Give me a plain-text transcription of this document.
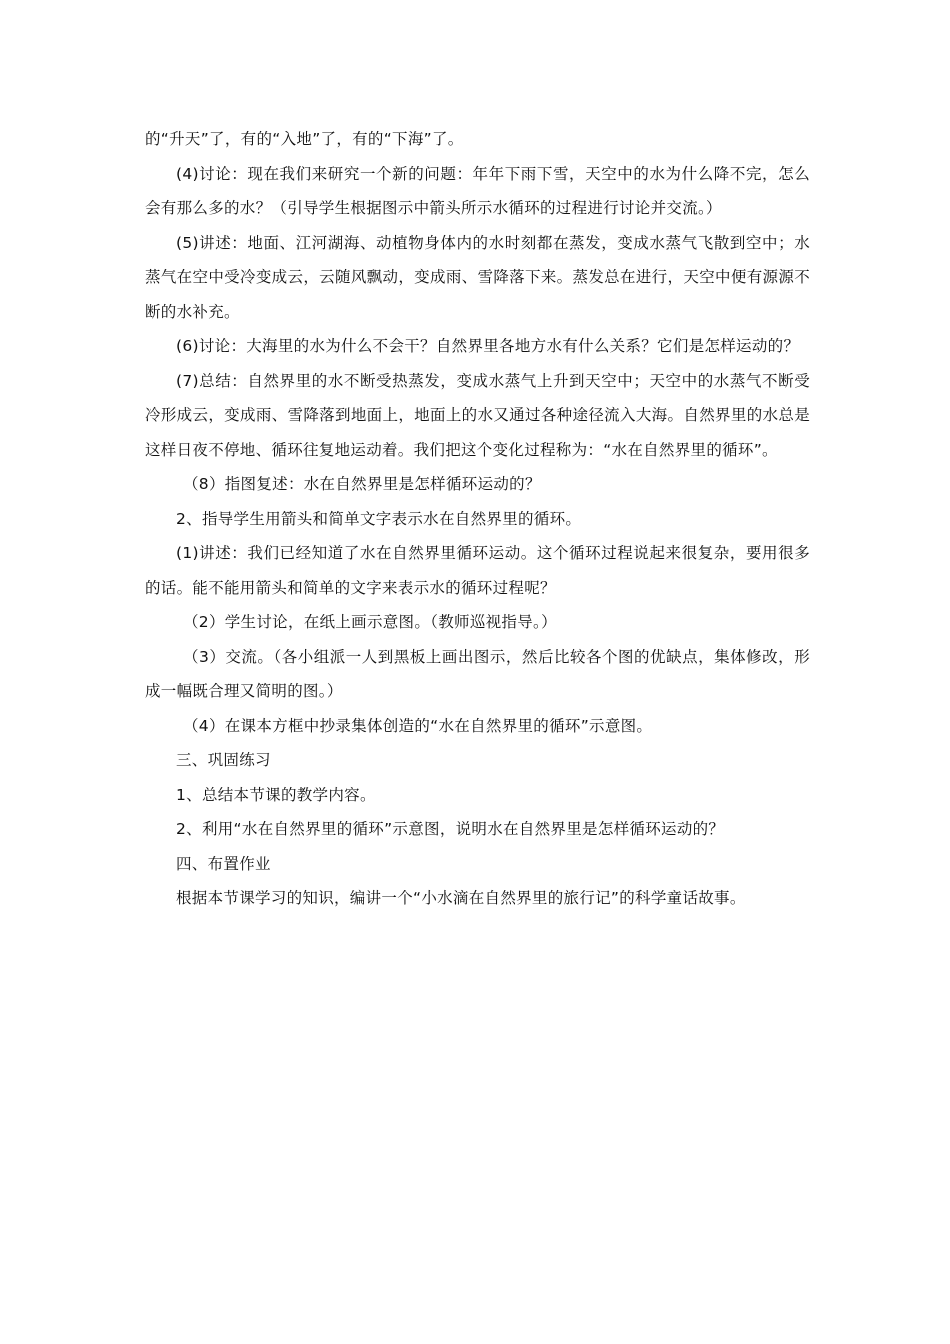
的“升天”了，有的“入地”了，有的“下海”了。

(4)讨论：现在我们来研究一个新的问题：年年下雨下雪，天空中的水为什么降不完，怎么会有那么多的水？（引导学生根据图示中箭头所示水循环的过程进行讨论并交流。）

(5)讲述：地面、江河湖海、动植物身体内的水时刻都在蒸发，变成水蒸气飞散到空中；水蒸气在空中受冷变成云，云随风飘动，变成雨、雪降落下来。蒸发总在进行，天空中便有源源不断的水补充。

(6)讨论：大海里的水为什么不会干？自然界里各地方水有什么关系？它们是怎样运动的？

(7)总结：自然界里的水不断受热蒸发，变成水蒸气上升到天空中；天空中的水蒸气不断受冷形成云，变成雨、雪降落到地面上，地面上的水又通过各种途径流入大海。自然界里的水总是这样日夜不停地、循环往复地运动着。我们把这个变化过程称为：“水在自然界里的循环”。

（8）指图复述：水在自然界里是怎样循环运动的？

2、指导学生用箭头和简单文字表示水在自然界里的循环。

(1)讲述：我们已经知道了水在自然界里循环运动。这个循环过程说起来很复杂，要用很多的话。能不能用箭头和简单的文字来表示水的循环过程呢？

（2）学生讨论，在纸上画示意图。（教师巡视指导。）

（3）交流。（各小组派一人到黑板上画出图示，然后比较各个图的优缺点，集体修改，形成一幅既合理又简明的图。）

（4）在课本方框中抄录集体创造的“水在自然界里的循环”示意图。

三、巩固练习

1、总结本节课的教学内容。

2、利用“水在自然界里的循环”示意图，说明水在自然界里是怎样循环运动的？

四、布置作业

根据本节课学习的知识，编讲一个“小水滴在自然界里的旅行记”的科学童话故事。
